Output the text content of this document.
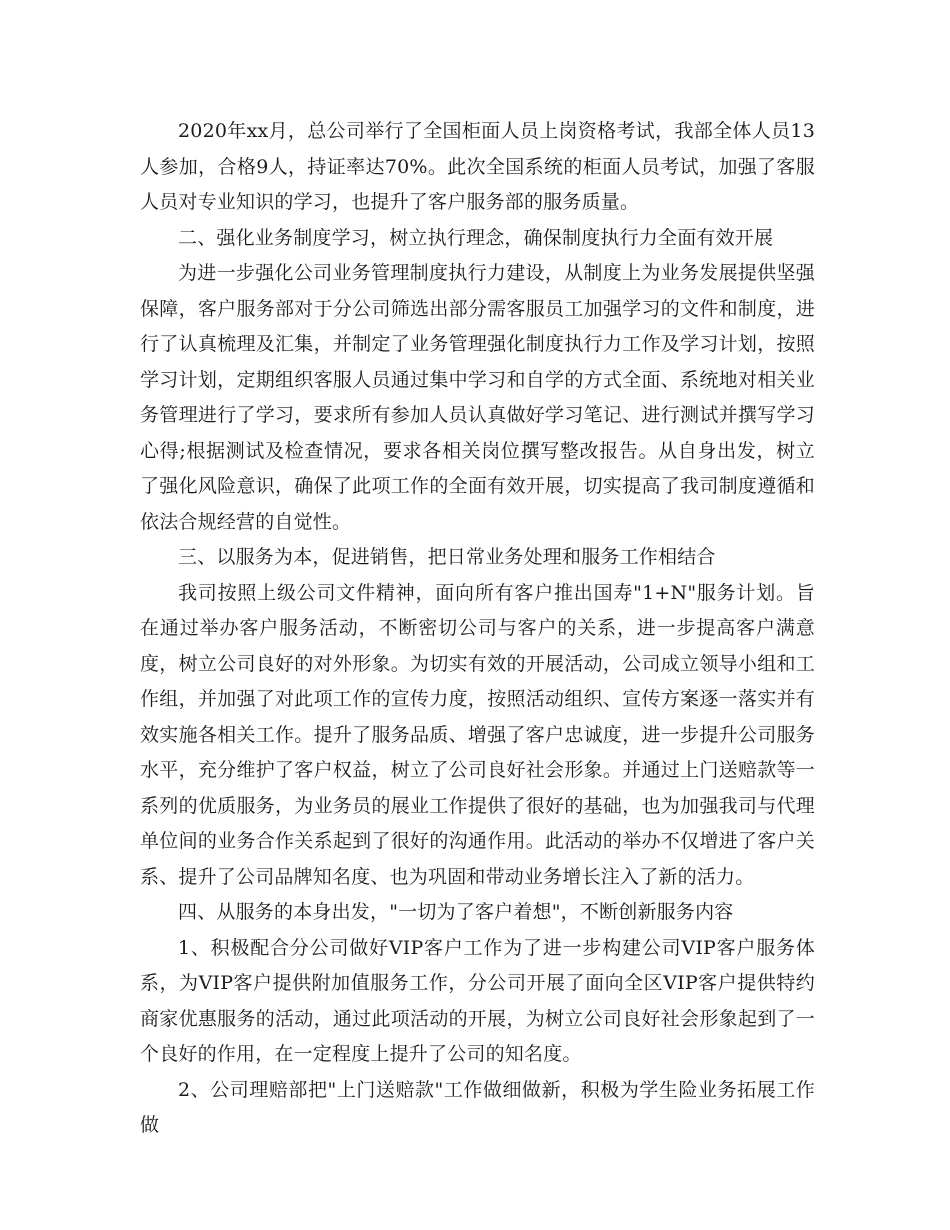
2020年xx月，总公司举行了全国柜面人员上岗资格考试，我部全体人员13人参加，合格9人，持证率达70%。此次全国系统的柜面人员考试，加强了客服人员对专业知识的学习，也提升了客户服务部的服务质量。

二、强化业务制度学习，树立执行理念，确保制度执行力全面有效开展

为进一步强化公司业务管理制度执行力建设，从制度上为业务发展提供坚强保障，客户服务部对于分公司筛选出部分需客服员工加强学习的文件和制度，进行了认真梳理及汇集，并制定了业务管理强化制度执行力工作及学习计划，按照学习计划，定期组织客服人员通过集中学习和自学的方式全面、系统地对相关业务管理进行了学习，要求所有参加人员认真做好学习笔记、进行测试并撰写学习心得;根据测试及检查情况，要求各相关岗位撰写整改报告。从自身出发，树立了强化风险意识，确保了此项工作的全面有效开展，切实提高了我司制度遵循和依法合规经营的自觉性。

三、以服务为本，促进销售，把日常业务处理和服务工作相结合

我司按照上级公司文件精神，面向所有客户推出国寿"1+N"服务计划。旨在通过举办客户服务活动，不断密切公司与客户的关系，进一步提高客户满意度，树立公司良好的对外形象。为切实有效的开展活动，公司成立领导小组和工作组，并加强了对此项工作的宣传力度，按照活动组织、宣传方案逐一落实并有效实施各相关工作。提升了服务品质、增强了客户忠诚度，进一步提升公司服务水平，充分维护了客户权益，树立了公司良好社会形象。并通过上门送赔款等一系列的优质服务，为业务员的展业工作提供了很好的基础，也为加强我司与代理单位间的业务合作关系起到了很好的沟通作用。此活动的举办不仅增进了客户关系、提升了公司品牌知名度、也为巩固和带动业务增长注入了新的活力。

四、从服务的本身出发，"一切为了客户着想"，不断创新服务内容

1、积极配合分公司做好VIP客户工作为了进一步构建公司VIP客户服务体系，为VIP客户提供附加值服务工作，分公司开展了面向全区VIP客户提供特约商家优惠服务的活动，通过此项活动的开展，为树立公司良好社会形象起到了一个良好的作用，在一定程度上提升了公司的知名度。

2、公司理赔部把"上门送赔款"工作做细做新，积极为学生险业务拓展工作做
